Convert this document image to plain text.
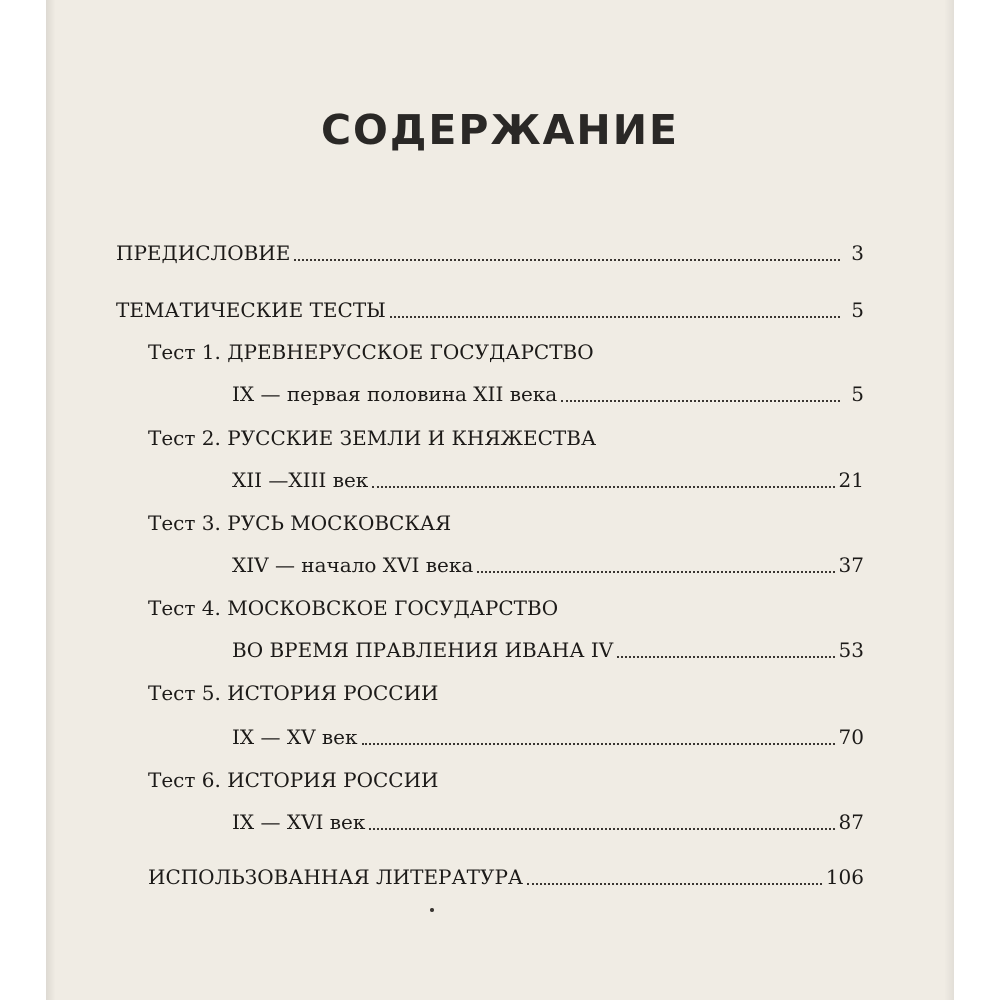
СОДЕРЖАНИЕ
ПРЕДИСЛОВИЕ	3
ТЕМАТИЧЕСКИЕ ТЕСТЫ	5
Тест 1. ДРЕВНЕРУССКОЕ ГОСУДАРСТВО
IX — первая половина XII века	5
Тест 2. РУССКИЕ ЗЕМЛИ И КНЯЖЕСТВА
XII —XIII век	21
Тест 3. РУСЬ МОСКОВСКАЯ
XIV — начало XVI века	37
Тест 4. МОСКОВСКОЕ ГОСУДАРСТВО
ВО ВРЕМЯ ПРАВЛЕНИЯ ИВАНА IV	53
Тест 5. ИСТОРИЯ РОССИИ
IX — XV век	70
Тест 6. ИСТОРИЯ РОССИИ
IX — XVI век	87
ИСПОЛЬЗОВАННАЯ ЛИТЕРАТУРА	106
